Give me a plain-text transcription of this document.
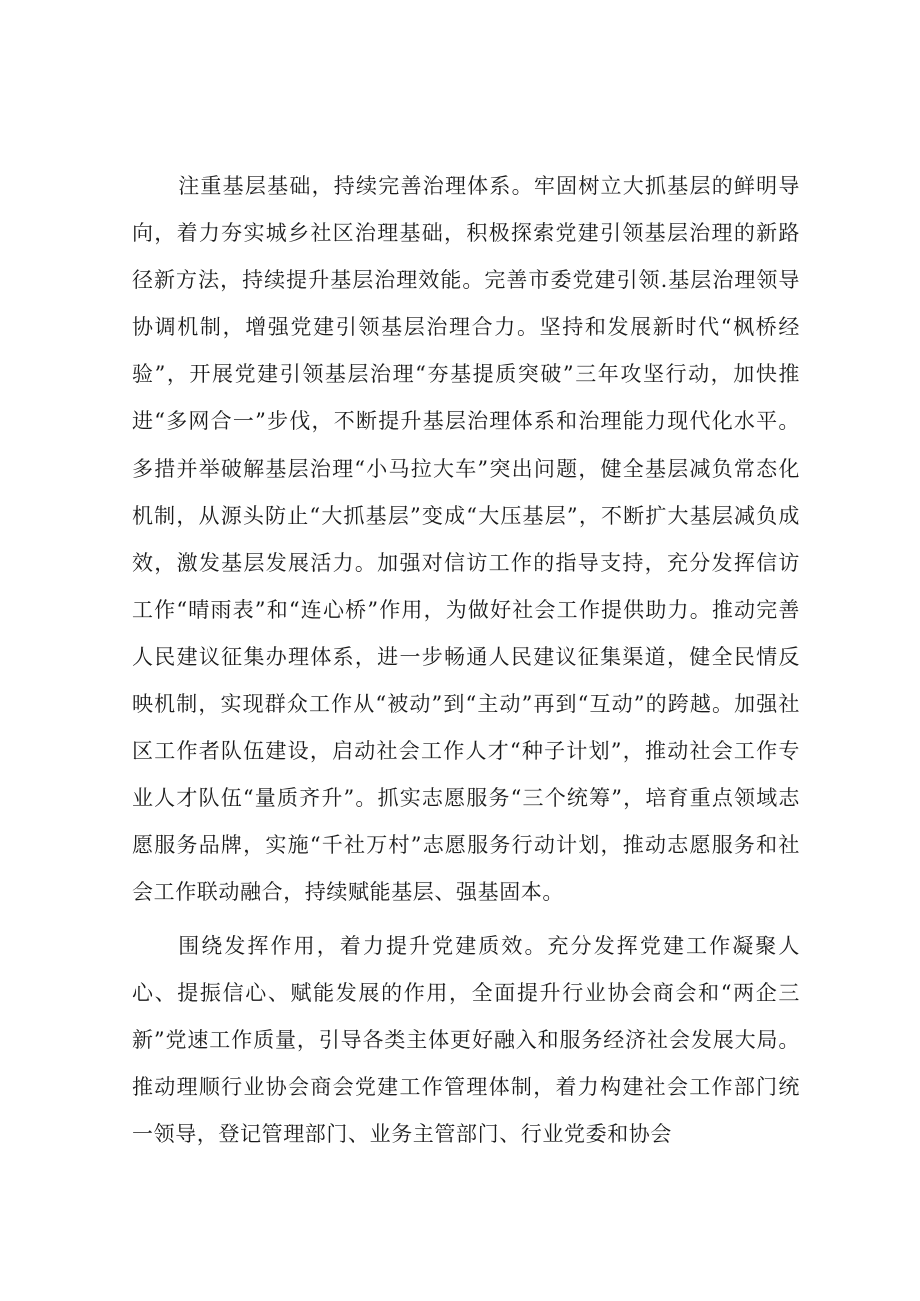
注重基层基础，持续完善治理体系。牢固树立大抓基层的鲜明导向，着力夯实城乡社区治理基础，积极探索党建引领基层治理的新路径新方法，持续提升基层治理效能。完善市委党建引领.基层治理领导协调机制，增强党建引领基层治理合力。坚持和发展新时代“枫桥经验”，开展党建引领基层治理“夯基提质突破”三年攻坚行动，加快推进“多网合一”步伐，不断提升基层治理体系和治理能力现代化水平。多措并举破解基层治理“小马拉大车”突出问题，健全基层减负常态化机制，从源头防止“大抓基层”变成“大压基层”，不断扩大基层减负成效，激发基层发展活力。加强对信访工作的指导支持，充分发挥信访工作“晴雨表”和“连心桥”作用，为做好社会工作提供助力。推动完善人民建议征集办理体系，进一步畅通人民建议征集渠道，健全民情反映机制，实现群众工作从“被动”到“主动”再到“互动”的跨越。加强社区工作者队伍建设，启动社会工作人才“种子计划”，推动社会工作专业人才队伍“量质齐升”。抓实志愿服务“三个统筹”，培育重点领域志愿服务品牌，实施“千社万村”志愿服务行动计划，推动志愿服务和社会工作联动融合，持续赋能基层、强基固本。

围绕发挥作用，着力提升党建质效。充分发挥党建工作凝聚人心、提振信心、赋能发展的作用，全面提升行业协会商会和“两企三新”党速工作质量，引导各类主体更好融入和服务经济社会发展大局。推动理顺行业协会商会党建工作管理体制，着力构建社会工作部门统一领导，登记管理部门、业务主管部门、行业党委和协会
